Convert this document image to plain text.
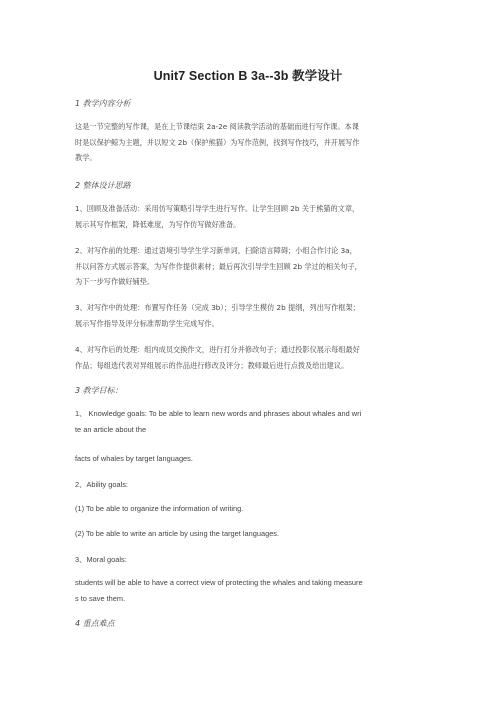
Unit7 Section B 3a--3b 教学设计
1 教学内容分析
这是一节完整的写作课，是在上节课结束 2a-2e 阅读教学活动的基础而进行写作课。本课
时是以保护鲸为主题，并以短文 2b（保护熊猫）为写作范例，找到写作技巧，并开展写作
教学。
2 整体设计思路
1、回顾及准备活动：采用仿写策略引导学生进行写作。让学生回顾 2b 关于熊猫的文章，
展示其写作框架，降低难度，为写作仿写做好准备。
2、对写作前的处理：通过语境引导学生学习新单词，扫除语言障碍；小组合作讨论 3a，
并以问答方式展示答案，为写作作提供素材；最后再次引导学生回顾 2b 学过的相关句子，
为下一步写作做好铺垫。
3、对写作中的处理：布置写作任务（完成 3b）；引导学生模仿 2b 提纲，列出写作框架；
展示写作指导及评分标准帮助学生完成写作。
4、对写作后的处理：组内成员交换作文，进行打分并修改句子；通过投影仪展示每组最好
作品；每组选代表对异组展示的作品进行修改及评分；教师最后进行点拨及给出建议。
3 教学目标：
1、 Knowledge goals: To be able to learn new words and phrases about whales and wri
te an article about the
facts of whales by target languages.
2、Ability goals:
(1) To be able to organize the information of writing.
(2) To be able to write an article by using the target languages.
3、Moral goals:
students will be able to have a correct view of protecting the whales and taking measure
s to save them.
4 重点难点
